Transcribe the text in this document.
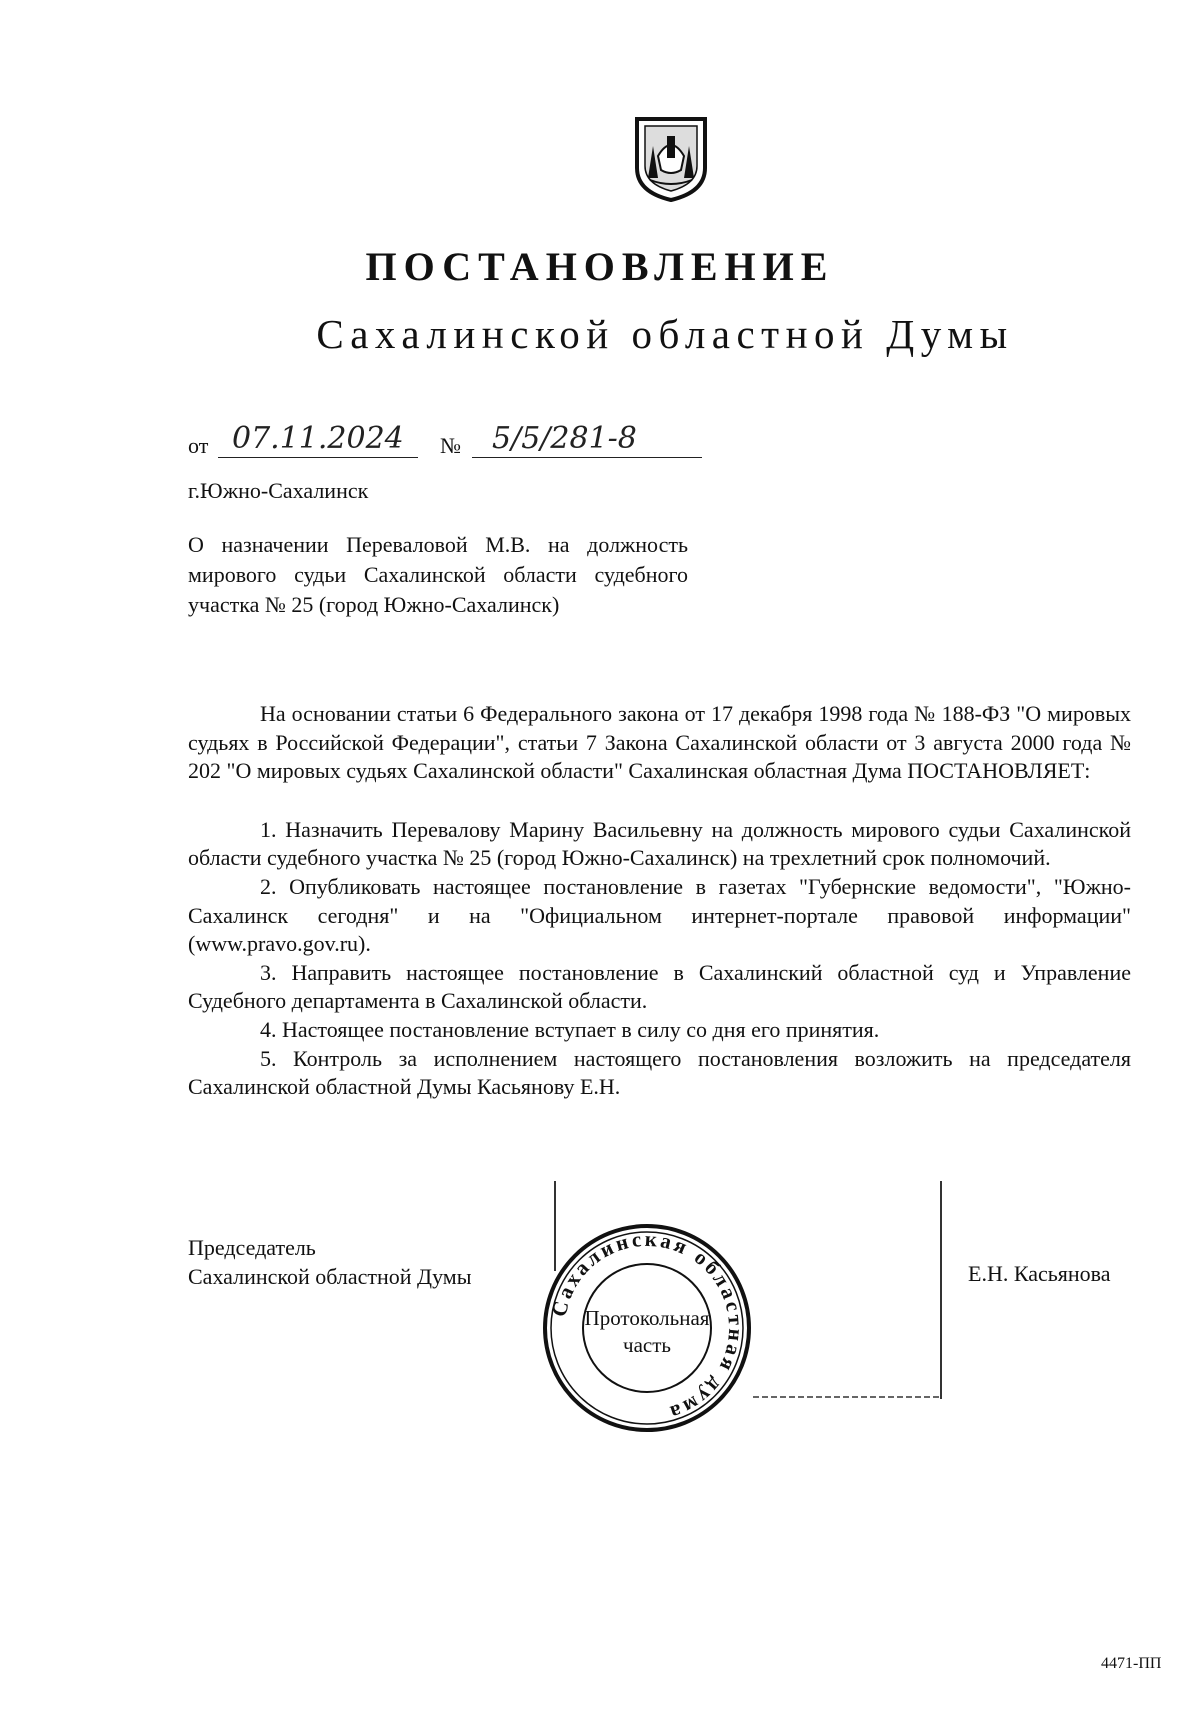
ПОСТАНОВЛЕНИЕ
Сахалинской областной Думы
от 07.11.2024 № 5/5/281-8
г.Южно-Сахалинск
О назначении Переваловой М.В. на должность мирового судьи Сахалинской области судебного участка № 25 (город Южно-Сахалинск)

На основании статьи 6 Федерального закона от 17 декабря 1998 года № 188-ФЗ "О мировых судьях в Российской Федерации", статьи 7 Закона Сахалинской области от 3 августа 2000 года № 202 "О мировых судьях Сахалинской области" Сахалинская областная Дума ПОСТАНОВЛЯЕТ:

1. Назначить Перевалову Марину Васильевну на должность мирового судьи Сахалинской области судебного участка № 25 (город Южно-Сахалинск) на трехлетний срок полномочий.

2. Опубликовать настоящее постановление в газетах "Губернские ведомости", "Южно-Сахалинск сегодня" и на "Официальном интернет-портале правовой информации" (www.pravo.gov.ru).

3. Направить настоящее постановление в Сахалинский областной суд и Управление Судебного департамента в Сахалинской области.

4. Настоящее постановление вступает в силу со дня его принятия.

5. Контроль за исполнением настоящего постановления возложить на председателя Сахалинской областной Думы Касьянову Е.Н.

Председатель
Сахалинской областной Думы	Е.Н. Касьянова
Сахалинская областная дума
Протокольная
часть
4471-ПП
